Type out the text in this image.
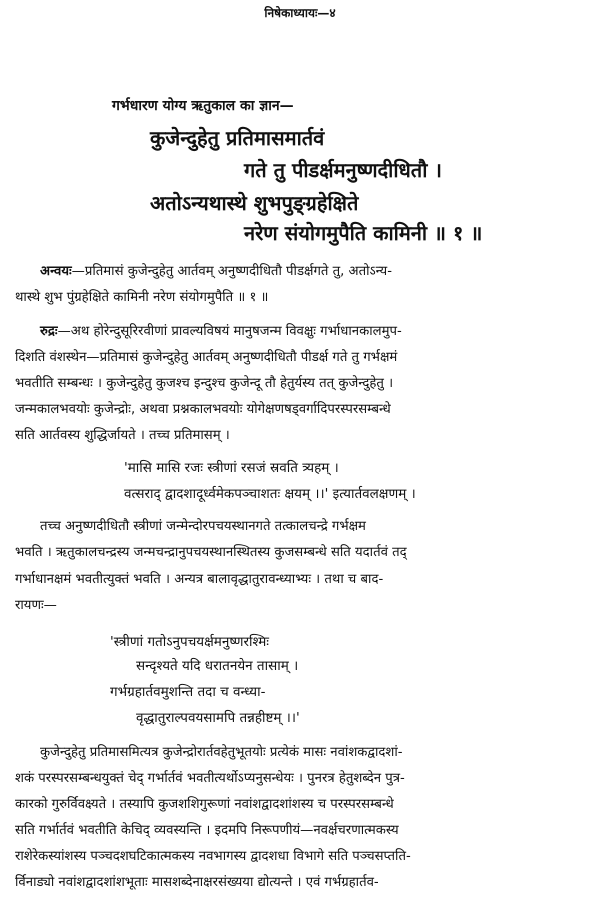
निषेकाध्यायः—४
गर्भधारण योग्य ऋतुकाल का ज्ञान—
कुजेन्दुहेतु प्रतिमासमार्तवं
गते तु पीडर्क्षमनुष्णदीधितौ ।
अतोऽन्यथास्थे शुभपुङ्ग्रहेक्षिते
नरेण संयोगमुपैति कामिनी ॥ १ ॥
अन्वयः—प्रतिमासं कुजेन्दुहेतु आर्तवम् अनुष्णदीधितौ पीडर्क्षगते तु, अतोऽन्य-
थास्थे शुभ पुंग्रहेक्षिते कामिनी नरेण संयोगमुपैति ॥ १ ॥
रुद्रः—अथ होरेन्दुसूरिरवीणां प्रावल्यविषयं मानुषजन्म विवक्षुः गर्भाधानकालमुप-
दिशति वंशस्थेन—प्रतिमासं कुजेन्दुहेतु आर्तवम् अनुष्णदीधितौ पीडर्क्ष गते तु गर्भक्षमं
भवतीति सम्बन्धः । कुजेन्दुहेतु कुजश्च इन्दुश्च कुजेन्दू तौ हेतुर्यस्य तत् कुजेन्दुहेतु ।
जन्मकालभवयोः कुजेन्द्रोः, अथवा प्रश्नकालभवयोः योगेक्षणषड्वर्गादिपरस्परसम्बन्धे
सति आर्तवस्य शुद्धिर्जायते । तच्च प्रतिमासम् ।
'मासि मासि रजः स्त्रीणां रसजं स्रवति त्र्यहम् ।
वत्सराद् द्वादशादूर्ध्वमेकपञ्चाशतः क्षयम् ।।' इत्यार्तवलक्षणम् ।
तच्च अनुष्णदीधितौ स्त्रीणां जन्मेन्दोरपचयस्थानगते तत्कालचन्द्रे गर्भक्षम
भवति । ऋतुकालचन्द्रस्य जन्मचन्द्रानुपचयस्थानस्थितस्य कुजसम्बन्धे सति यदार्तवं तद्
गर्भाधानक्षमं भवतीत्युक्तं भवति । अन्यत्र बालावृद्धातुरावन्ध्याभ्यः । तथा च बाद-
रायणः—
'स्त्रीणां गतोऽनुपचयर्क्षमनुष्णरश्मिः
सन्दृश्यते यदि धरातनयेन तासाम् ।
गर्भग्रहार्तवमुशन्ति तदा च वन्ध्या-
वृद्धातुराल्पवयसामपि तन्नहीष्टम् ।।'
कुजेन्दुहेतु प्रतिमासमित्यत्र कुजेन्द्रोरार्तवहेतुभूतयोः प्रत्येकं मासः नवांशकद्वादशां-
शकं परस्परसम्बन्धयुक्तं चेद् गर्भार्तवं भवतीत्यर्थोऽप्यनुसन्धेयः । पुनरत्र हेतुशब्देन पुत्र-
कारको गुरुर्विवक्ष्यते । तस्यापि कुजशशिगुरूणां नवांशद्वादशांशस्य च परस्परसम्बन्धे
सति गर्भार्तवं भवतीति केचिद् व्यवस्यन्ति । इदमपि निरूपणीयं—नवर्क्षचरणात्मकस्य
राशेरेकस्यांशस्य पञ्चदशघटिकात्मकस्य नवभागस्य द्वादशधा विभागे सति पञ्चसप्तति-
र्विनाड्यो नवांशद्वादशांशभूताः मासशब्देनाक्षरसंख्यया द्योत्यन्ते । एवं गर्भग्रहार्तव-
